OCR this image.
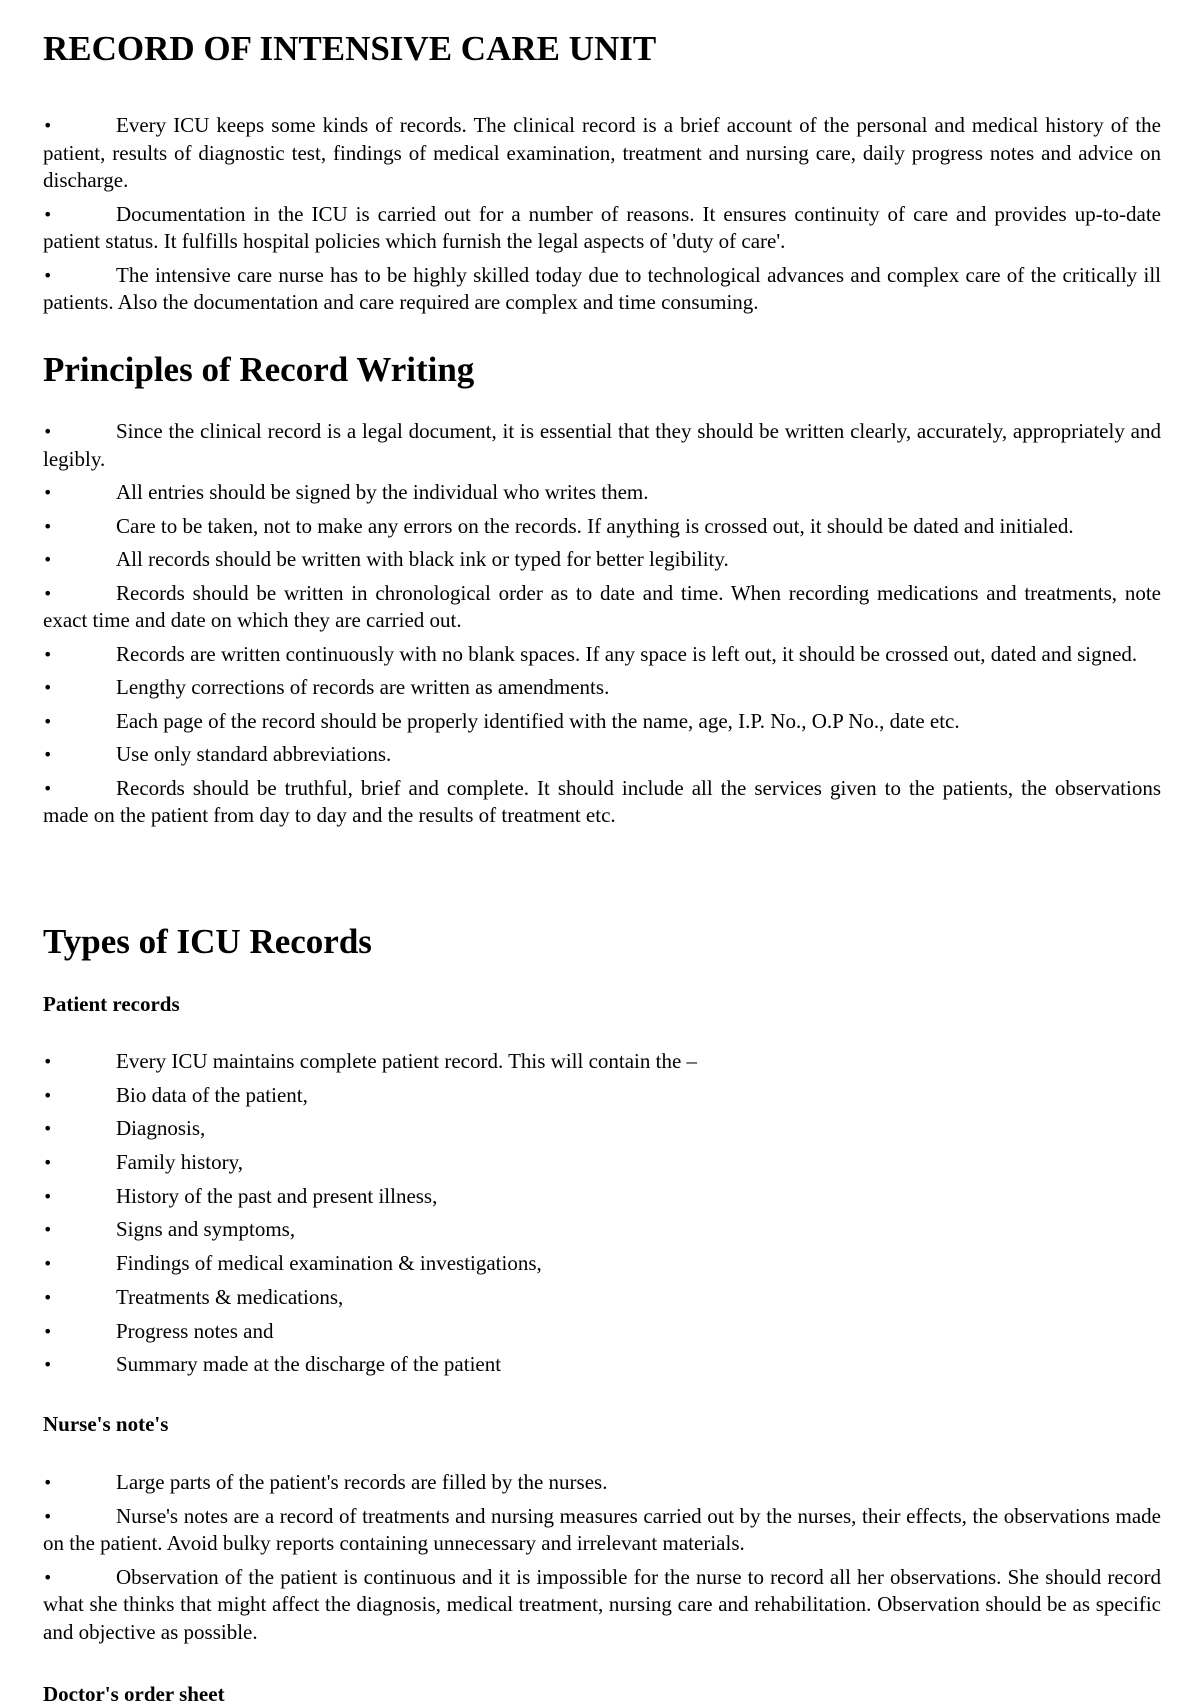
RECORD OF INTENSIVE CARE UNIT
•	Every ICU keeps some kinds of records. The clinical record is a brief account of the personal and medical history of the patient, results of diagnostic test, findings of medical examination, treatment and nursing care, daily progress notes and advice on discharge.
•	Documentation in the ICU is carried out for a number of reasons. It ensures continuity of care and provides up-to-date patient status. It fulfills hospital policies which furnish the legal aspects of 'duty of care'.
•	The intensive care nurse has to be highly skilled today due to technological advances and complex care of the critically ill patients. Also the documentation and care required are complex and time consuming.
Principles of Record Writing
•	Since the clinical record is a legal document, it is essential that they should be written clearly, accurately, appropriately and legibly.
•	All entries should be signed by the individual who writes them.
•	Care to be taken, not to make any errors on the records. If anything is crossed out, it should be dated and initialed.
•	All records should be written with black ink or typed for better legibility.
•	Records should be written in chronological order as to date and time. When recording medications and treatments, note exact time and date on which they are carried out.
•	Records are written continuously with no blank spaces. If any space is left out, it should be crossed out, dated and signed.
•	Lengthy corrections of records are written as amendments.
•	Each page of the record should be properly identified with the name, age, I.P. No., O.P No., date etc.
•	Use only standard abbreviations.
•	Records should be truthful, brief and complete. It should include all the services given to the patients, the observations made on the patient from day to day and the results of treatment etc.
Types of ICU Records
Patient records
•	Every ICU maintains complete patient record. This will contain the –
•	Bio data of the patient,
•	Diagnosis,
•	Family history,
•	History of the past and present illness,
•	Signs and symptoms,
•	Findings of medical examination & investigations,
•	Treatments & medications,
•	Progress notes and
•	Summary made at the discharge of the patient
Nurse's note's
•	Large parts of the patient's records are filled by the nurses.
•	Nurse's notes are a record of treatments and nursing measures carried out by the nurses, their effects, the observations made on the patient. Avoid bulky reports containing unnecessary and irrelevant materials.
•	Observation of the patient is continuous and it is impossible for the nurse to record all her observations. She should record what she thinks that might affect the diagnosis, medical treatment, nursing care and rehabilitation. Observation should be as specific and objective as possible.
Doctor's order sheet
